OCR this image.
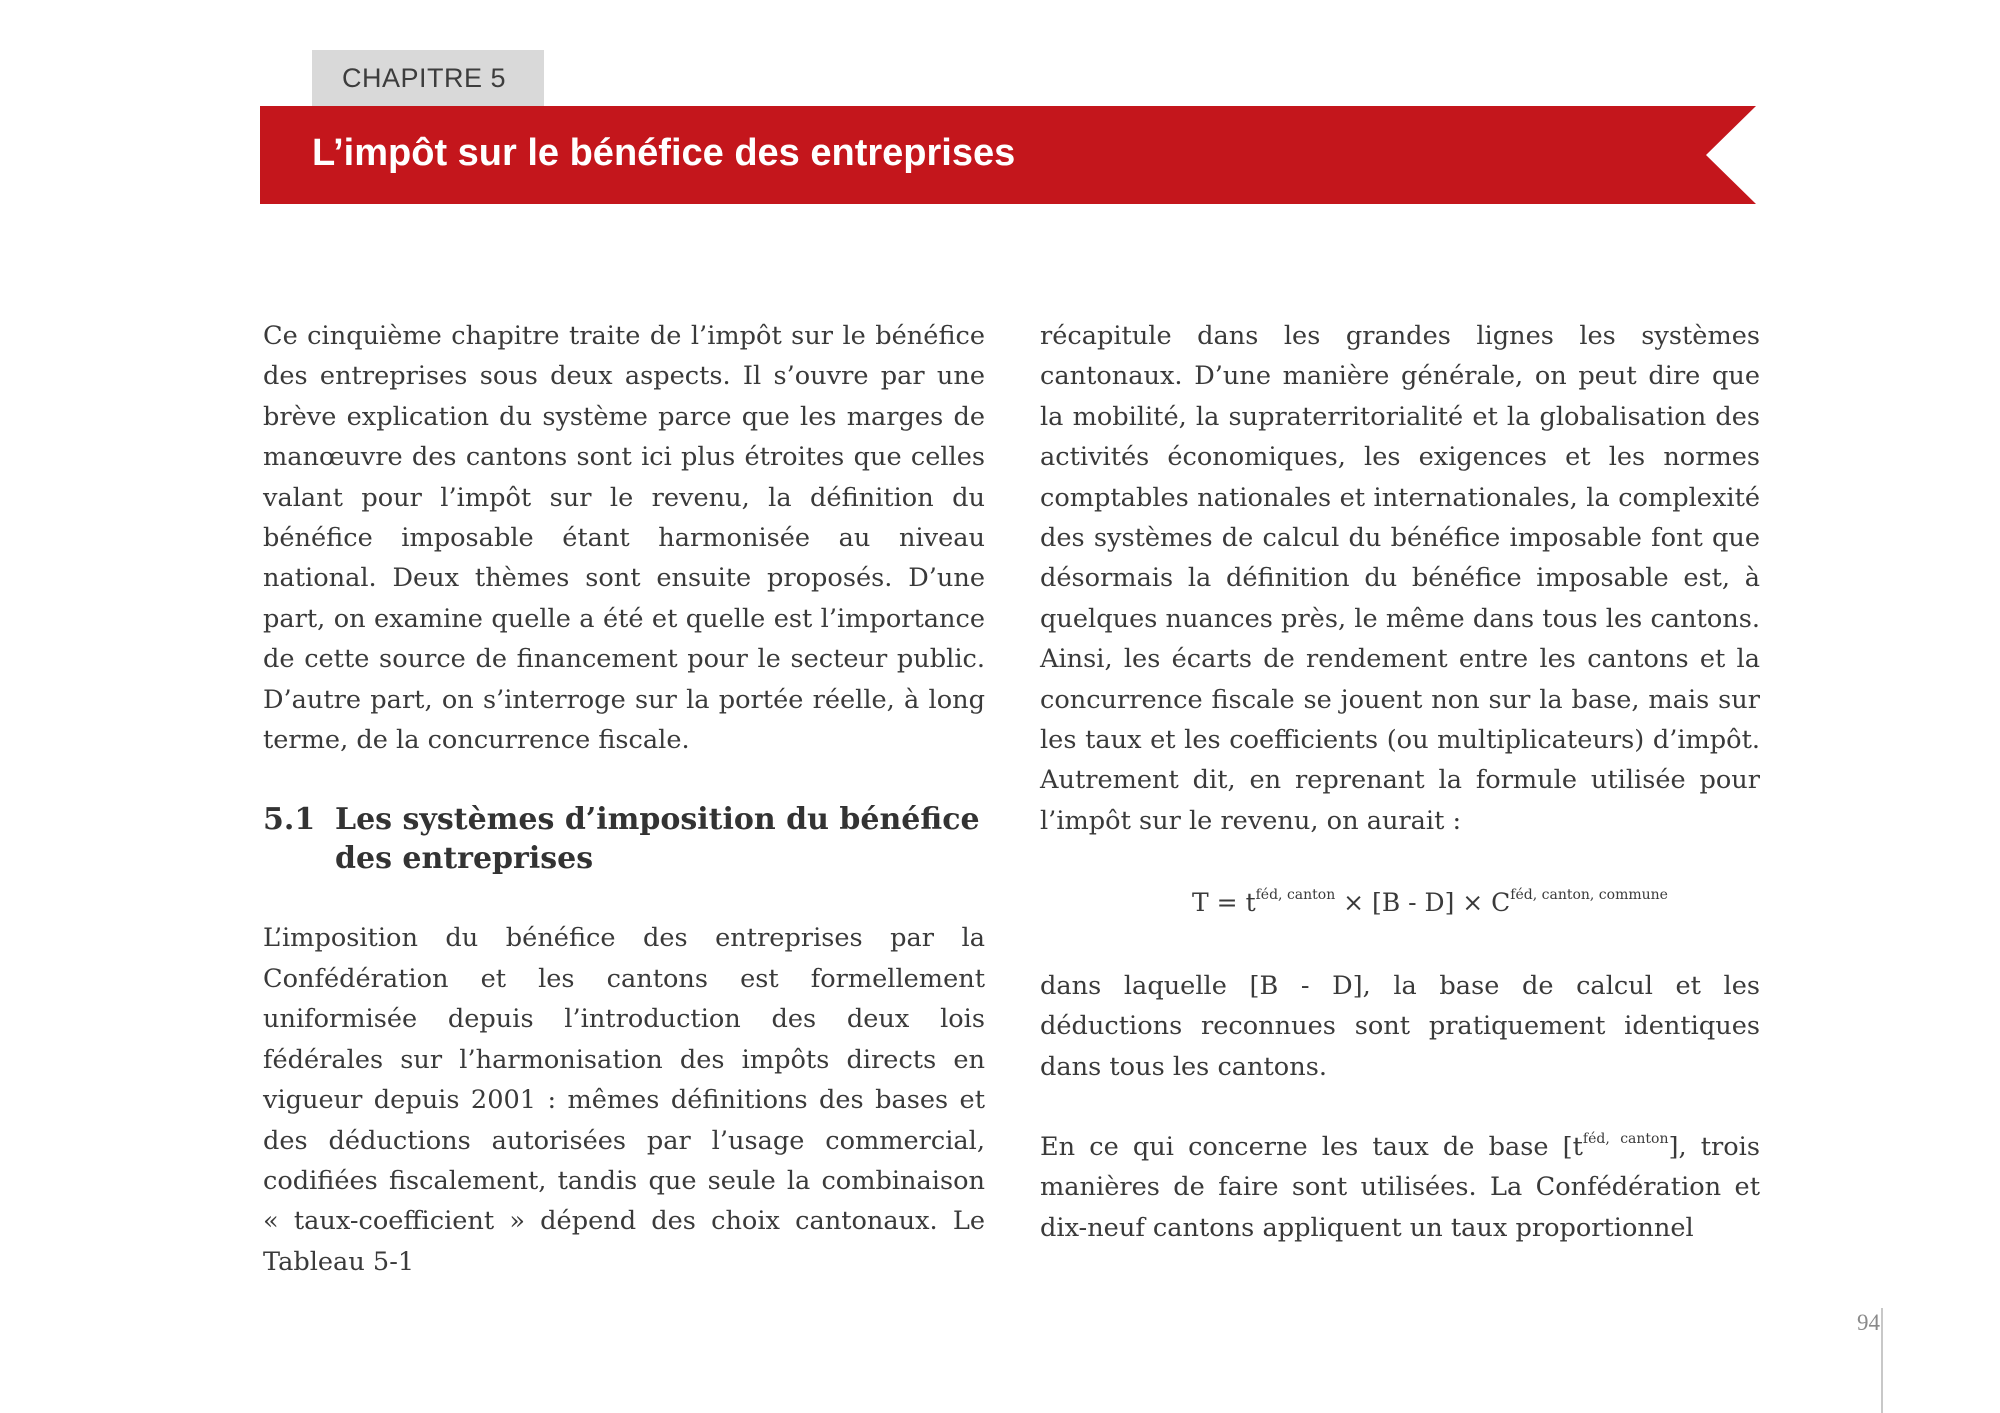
CHAPITRE 5
L’impôt sur le bénéfice des entreprises

Ce cinquième chapitre traite de l’impôt sur le bénéfice des entreprises sous deux aspects. Il s’ouvre par une brève explication du système parce que les marges de manœuvre des cantons sont ici plus étroites que celles valant pour l’impôt sur le revenu, la définition du bénéfice imposable étant harmonisée au niveau national. Deux thèmes sont ensuite proposés. D’une part, on examine quelle a été et quelle est l’importance de cette source de financement pour le secteur public. D’autre part, on s’interroge sur la portée réelle, à long terme, de la concurrence fiscale.

5.1 Les systèmes d’imposition du bénéfice des entreprises

L’imposition du bénéfice des entreprises par la Confédération et les cantons est formellement uniformisée depuis l’introduction des deux lois fédérales sur l’harmonisation des impôts directs en vigueur depuis 2001 : mêmes définitions des bases et des déductions autorisées par l’usage commercial, codifiées fiscalement, tandis que seule la combinaison « taux-coefficient » dépend des choix cantonaux. Le Tableau 5-1

récapitule dans les grandes lignes les systèmes cantonaux. D’une manière générale, on peut dire que la mobilité, la supraterritorialité et la globalisation des activités économiques, les exigences et les normes comptables nationales et internationales, la complexité des systèmes de calcul du bénéfice imposable font que désormais la définition du bénéfice imposable est, à quelques nuances près, le même dans tous les cantons. Ainsi, les écarts de rendement entre les cantons et la concurrence fiscale se jouent non sur la base, mais sur les taux et les coefficients (ou multiplicateurs) d’impôt. Autrement dit, en reprenant la formule utilisée pour l’impôt sur le revenu, on aurait :

$T = t^{féd, canton} \times [B - D] \times C^{féd, canton, commune}$

dans laquelle [B - D], la base de calcul et les déductions reconnues sont pratiquement identiques dans tous les cantons.

En ce qui concerne les taux de base $[t^{féd, canton}]$, trois manières de faire sont utilisées. La Confédération et dix-neuf cantons appliquent un taux proportionnel

94
